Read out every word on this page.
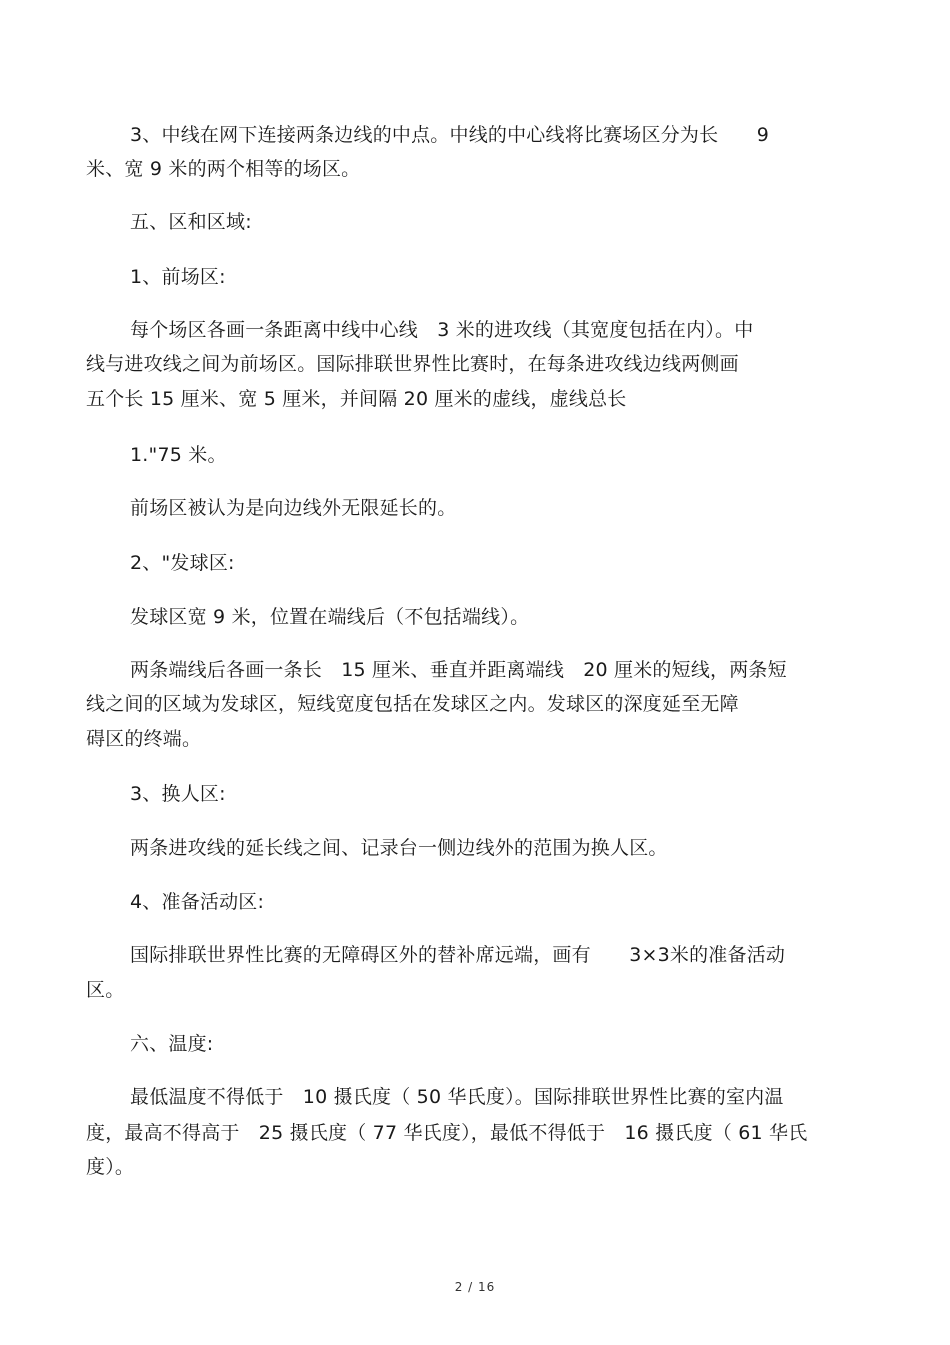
3、中线在网下连接两条边线的中点。中线的中心线将比赛场区分为长　　9
米、宽 9 米的两个相等的场区。
五、区和区域:
1、前场区:
每个场区各画一条距离中线中心线　3 米的进攻线（其宽度包括在内）。中
线与进攻线之间为前场区。国际排联世界性比赛时，在每条进攻线边线两侧画
五个长 15 厘米、宽 5 厘米，并间隔 20 厘米的虚线，虚线总长
1."75 米。
前场区被认为是向边线外无限延长的。
2、"发球区:
发球区宽 9 米，位置在端线后（不包括端线）。
两条端线后各画一条长　15 厘米、垂直并距离端线　20 厘米的短线，两条短
线之间的区域为发球区，短线宽度包括在发球区之内。发球区的深度延至无障
碍区的终端。
3、换人区:
两条进攻线的延长线之间、记录台一侧边线外的范围为换人区。
4、准备活动区:
国际排联世界性比赛的无障碍区外的替补席远端，画有　　3×3米的准备活动
区。
六、温度:
最低温度不得低于　10 摄氏度（ 50 华氏度）。国际排联世界性比赛的室内温
度，最高不得高于　25 摄氏度（ 77 华氏度），最低不得低于　16 摄氏度（ 61 华氏
度）。
2 / 16
